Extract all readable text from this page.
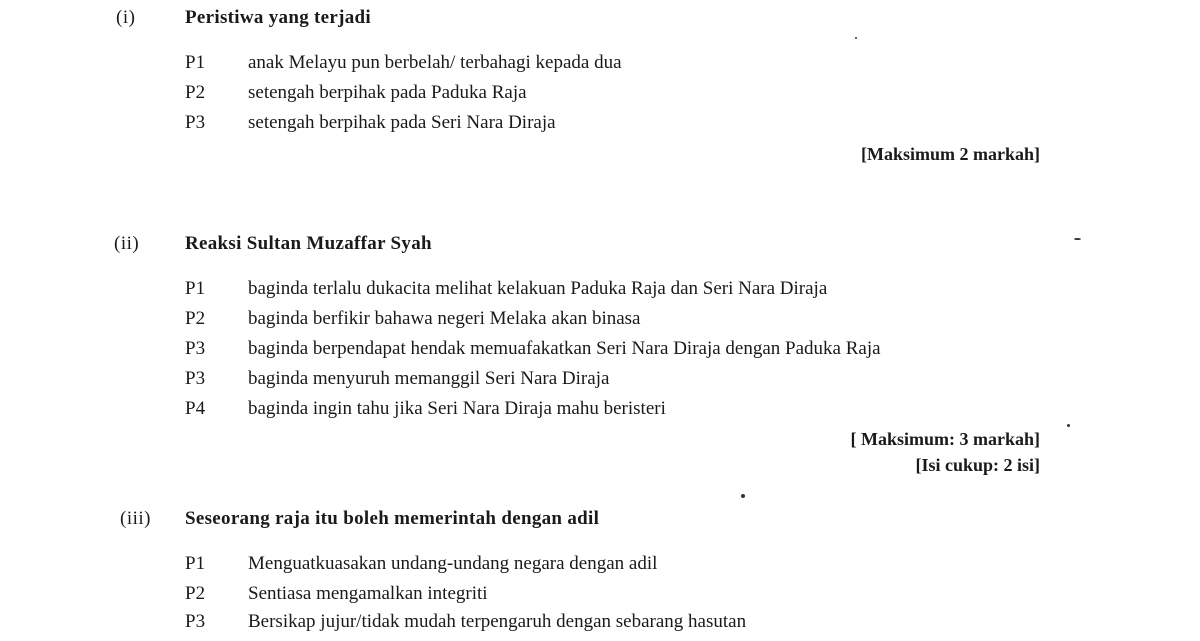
(i)	Peristiwa yang terjadi
P1 anak Melayu pun berbelah/ terbahagi kepada dua
P2 setengah berpihak pada Paduka Raja
P3 setengah berpihak pada Seri Nara Diraja
[Maksimum 2 markah]
(ii) Reaksi Sultan Muzaffar Syah
P1 baginda terlalu dukacita melihat kelakuan Paduka Raja dan Seri Nara Diraja
P2 baginda berfikir bahawa negeri Melaka akan binasa
P3 baginda berpendapat hendak memuafakatkan Seri Nara Diraja dengan Paduka Raja
P3 baginda menyuruh memanggil Seri Nara Diraja
P4 baginda ingin tahu jika Seri Nara Diraja mahu beristeri
[ Maksimum: 3 markah]
[Isi cukup: 2 isi]
(iii) Seseorang raja itu boleh memerintah dengan adil
P1 Menguatkuasakan undang-undang negara dengan adil
P2 Sentiasa mengamalkan integriti
P3 Bersikap jujur/tidak mudah terpengaruh dengan sebarang hasutan
